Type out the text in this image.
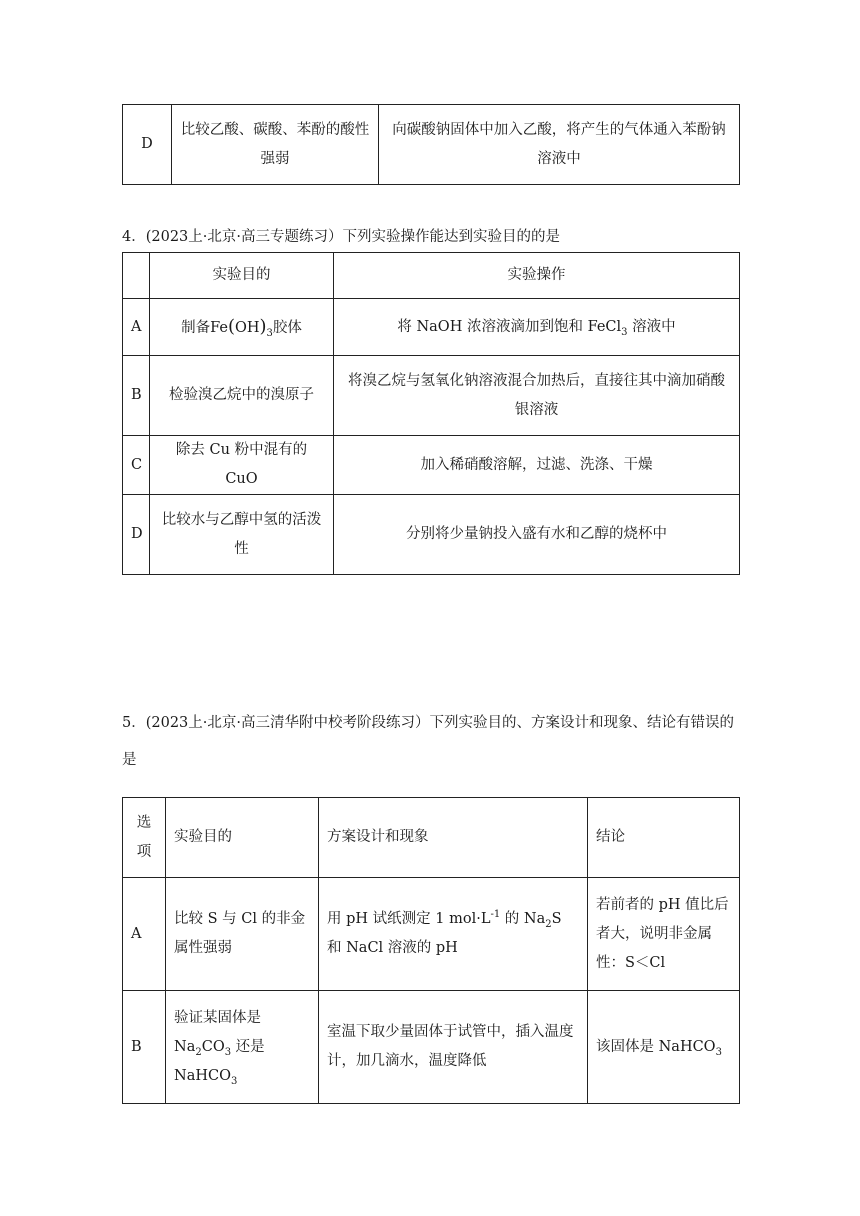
D	比较乙酸、碳酸、苯酚的酸性强弱	向碳酸钠固体中加入乙酸，将产生的气体通入苯酚钠溶液中
4．(2023上·北京·高三专题练习）下列实验操作能达到实验目的的是
	实验目的	实验操作
A	制备$Fe(OH)_3$胶体	将 NaOH 浓溶液滴加到饱和 FeCl$_3$ 溶液中
B	检验溴乙烷中的溴原子	将溴乙烷与氢氧化钠溶液混合加热后，直接往其中滴加硝酸银溶液
C	除去 Cu 粉中混有的 CuO	加入稀硝酸溶解，过滤、洗涤、干燥
D	比较水与乙醇中氢的活泼性	分别将少量钠投入盛有水和乙醇的烧杯中
5．(2023上·北京·高三清华附中校考阶段练习）下列实验目的、方案设计和现象、结论有错误的是
选项	实验目的	方案设计和现象	结论
A	比较 S 与 Cl 的非金属性强弱	用 pH 试纸测定 1 $mol\cdot L^{-1}$ 的 $Na_2S$ 和 NaCl 溶液的 pH	若前者的 pH 值比后者大，说明非金属性：S＜Cl
B	验证某固体是
$Na_2CO_3$ 还是
NaHCO$_3$	室温下取少量固体于试管中，插入温度计，加几滴水，温度降低	该固体是 NaHCO$_3$
